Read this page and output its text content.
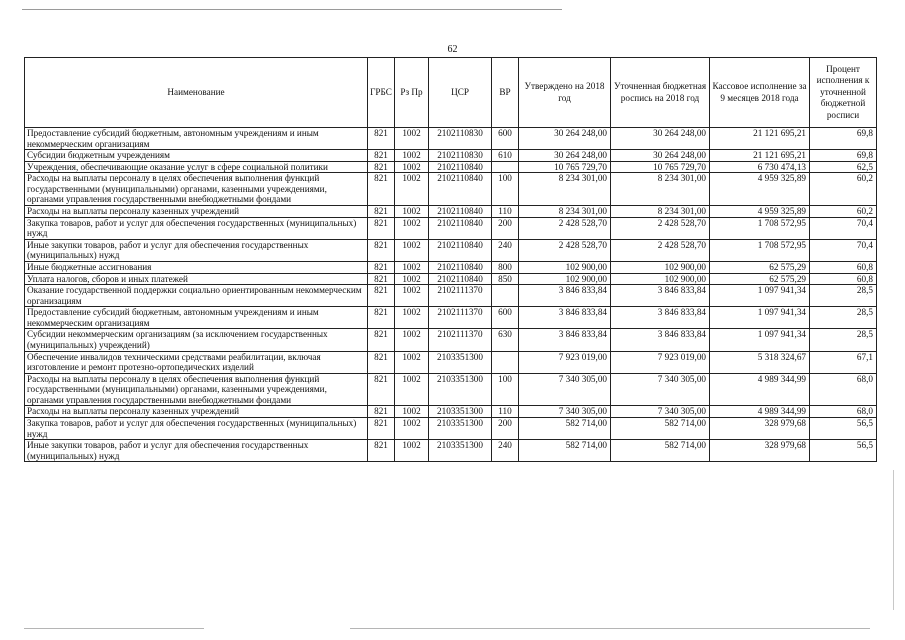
62
Наименование	ГРБС	Рз Пр	ЦСР	ВР	Утверждено на 2018 год	Уточненная бюджетная роспись на 2018 год	Кассовое исполнение за 9 месяцев 2018 года	Процент исполнения к уточненной бюджетной росписи
Предоставление субсидий бюджетным, автономным учреждениям и иным некоммерческим организациям	821	1002	2102110830	600	30 264 248,00	30 264 248,00	21 121 695,21	69,8
Субсидии бюджетным учреждениям	821	1002	2102110830	610	30 264 248,00	30 264 248,00	21 121 695,21	69,8
Учреждения, обеспечивающие оказание услуг в сфере социальной политики	821	1002	2102110840		10 765 729,70	10 765 729,70	6 730 474,13	62,5
Расходы на выплаты персоналу в целях обеспечения выполнения функций государственными (муниципальными) органами, казенными учреждениями, органами управления государственными внебюджетными фондами	821	1002	2102110840	100	8 234 301,00	8 234 301,00	4 959 325,89	60,2
Расходы на выплаты персоналу казенных учреждений	821	1002	2102110840	110	8 234 301,00	8 234 301,00	4 959 325,89	60,2
Закупка товаров, работ и услуг для обеспечения государственных (муниципальных) нужд	821	1002	2102110840	200	2 428 528,70	2 428 528,70	1 708 572,95	70,4
Иные закупки товаров, работ и услуг для обеспечения государственных (муниципальных) нужд	821	1002	2102110840	240	2 428 528,70	2 428 528,70	1 708 572,95	70,4
Иные бюджетные ассигнования	821	1002	2102110840	800	102 900,00	102 900,00	62 575,29	60,8
Уплата налогов, сборов и иных платежей	821	1002	2102110840	850	102 900,00	102 900,00	62 575,29	60,8
Оказание государственной поддержки социально ориентированным некоммерческим организациям	821	1002	2102111370		3 846 833,84	3 846 833,84	1 097 941,34	28,5
Предоставление субсидий бюджетным, автономным учреждениям и иным некоммерческим организациям	821	1002	2102111370	600	3 846 833,84	3 846 833,84	1 097 941,34	28,5
Субсидии некоммерческим организациям (за исключением государственных (муниципальных) учреждений)	821	1002	2102111370	630	3 846 833,84	3 846 833,84	1 097 941,34	28,5
Обеспечение инвалидов техническими средствами реабилитации, включая изготовление и ремонт протезно-ортопедических изделий	821	1002	2103351300		7 923 019,00	7 923 019,00	5 318 324,67	67,1
Расходы на выплаты персоналу в целях обеспечения выполнения функций государственными (муниципальными) органами, казенными учреждениями, органами управления государственными внебюджетными фондами	821	1002	2103351300	100	7 340 305,00	7 340 305,00	4 989 344,99	68,0
Расходы на выплаты персоналу казенных учреждений	821	1002	2103351300	110	7 340 305,00	7 340 305,00	4 989 344,99	68,0
Закупка товаров, работ и услуг для обеспечения государственных (муниципальных) нужд	821	1002	2103351300	200	582 714,00	582 714,00	328 979,68	56,5
Иные закупки товаров, работ и услуг для обеспечения государственных (муниципальных) нужд	821	1002	2103351300	240	582 714,00	582 714,00	328 979,68	56,5
